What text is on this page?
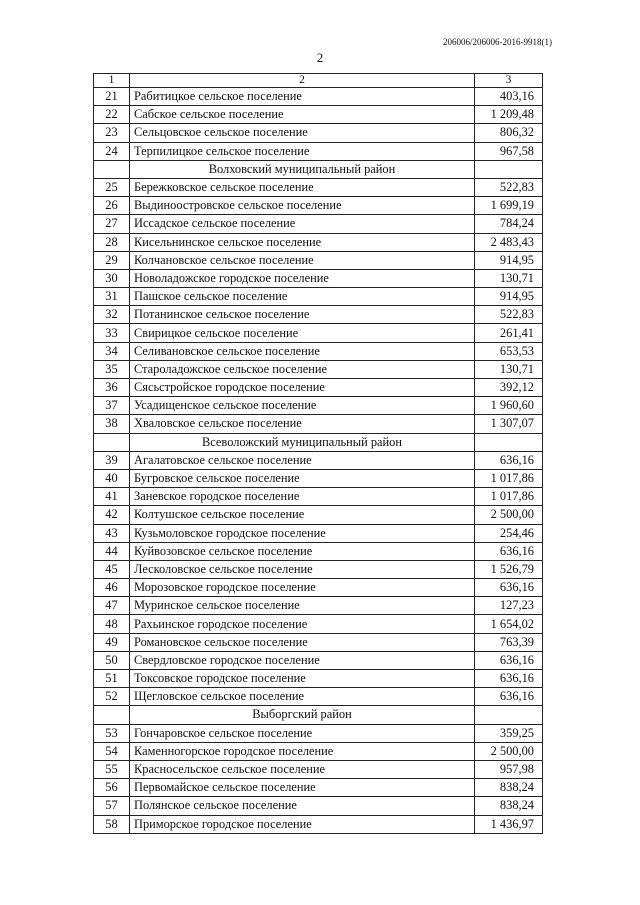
206006/206006-2016-9918(1)
2
1	2	3
21	Рабитицкое сельское поселение	403,16
22	Сабское сельское поселение	1 209,48
23	Сельцовское сельское поселение	806,32
24	Терпилицкое сельское поселение	967,58
	Волховский муниципальный район	
25	Бережковское сельское поселение	522,83
26	Выдиноостровское сельское поселение	1 699,19
27	Иссадское сельское поселение	784,24
28	Кисельнинское сельское поселение	2 483,43
29	Колчановское сельское поселение	914,95
30	Новоладожское городское поселение	130,71
31	Пашское сельское поселение	914,95
32	Потанинское сельское поселение	522,83
33	Свирицкое сельское поселение	261,41
34	Селивановское сельское поселение	653,53
35	Староладожское сельское поселение	130,71
36	Сясьстройское городское поселение	392,12
37	Усадищенское сельское поселение	1 960,60
38	Хваловское сельское поселение	1 307,07
	Всеволожский муниципальный район	
39	Агалатовское сельское поселение	636,16
40	Бугровское сельское поселение	1 017,86
41	Заневское городское поселение	1 017,86
42	Колтушское сельское поселение	2 500,00
43	Кузьмоловское городское поселение	254,46
44	Куйвозовское сельское поселение	636,16
45	Лесколовское сельское поселение	1 526,79
46	Морозовское городское поселение	636,16
47	Муринское сельское поселение	127,23
48	Рахьинское городское поселение	1 654,02
49	Романовское сельское поселение	763,39
50	Свердловское городское поселение	636,16
51	Токсовское городское поселение	636,16
52	Щегловское сельское поселение	636,16
	Выборгский район	
53	Гончаровское сельское поселение	359,25
54	Каменногорское городское поселение	2 500,00
55	Красносельское сельское поселение	957,98
56	Первомайское сельское поселение	838,24
57	Полянское сельское поселение	838,24
58	Приморское городское поселение	1 436,97
